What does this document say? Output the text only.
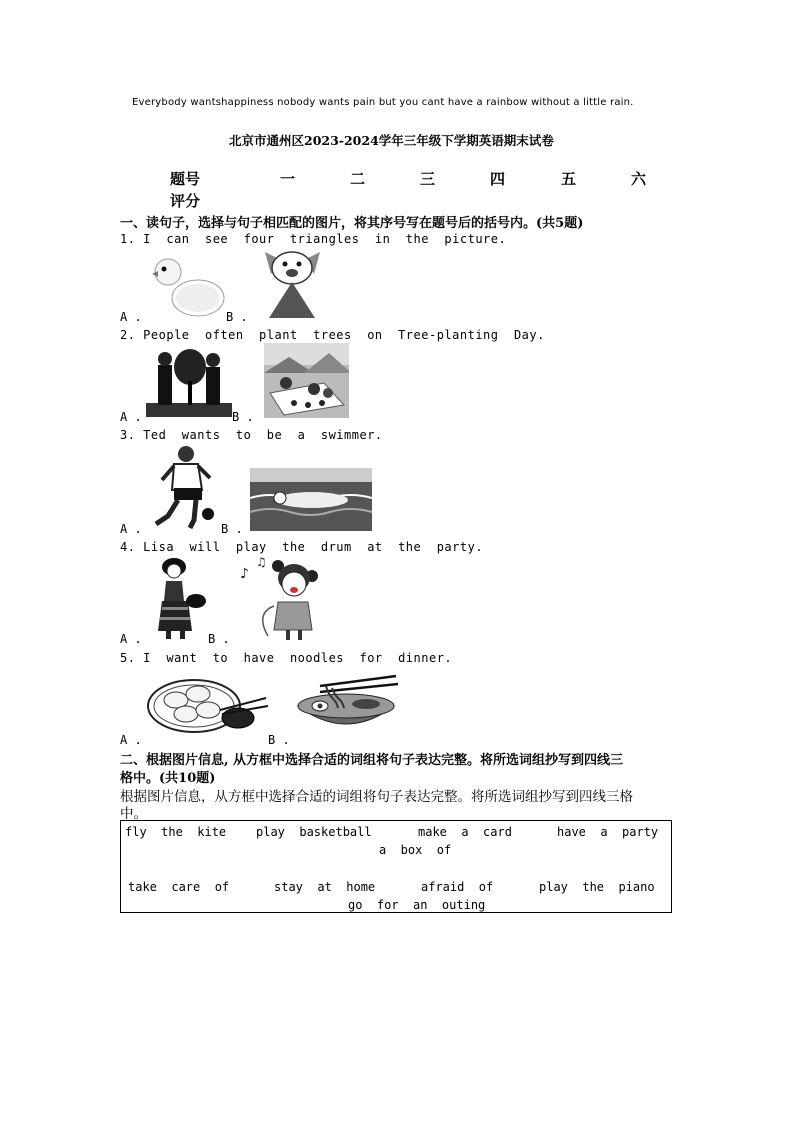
Everybody wantshappiness nobody wants pain but you cant have a rainbow without a little rain.
北京市通州区2023-2024学年三年级下学期英语期末试卷
题号	一	二	三	四	五	六
评分
一、读句子，选择与句子相匹配的图片，将其序号写在题号后的括号内。(共5题)
1. I  can  see  four  triangles  in  the  picture.
A .	B .
2. People  often  plant  trees  on  Tree-planting  Day.
A .	B .
3. Ted  wants  to  be  a  swimmer.
A .	B .
4. Lisa  will  play  the  drum  at  the  party.
♪
♫
A .	B .
5. I  want  to  have  noodles  for  dinner.
A .	B .
二、根据图片信息, 从方框中选择合适的词组将句子表达完整。将所选词组抄写到四线三
格中。(共10题)
根据图片信息，从方框中选择合适的词组将句子表达完整。将所选词组抄写到四线三格
中。
fly  the  kite play  basketball	make  a  card	have  a  party
a  box  of
take  care  of	stay  at  home	afraid  of	play  the  piano
go  for  an  outing
